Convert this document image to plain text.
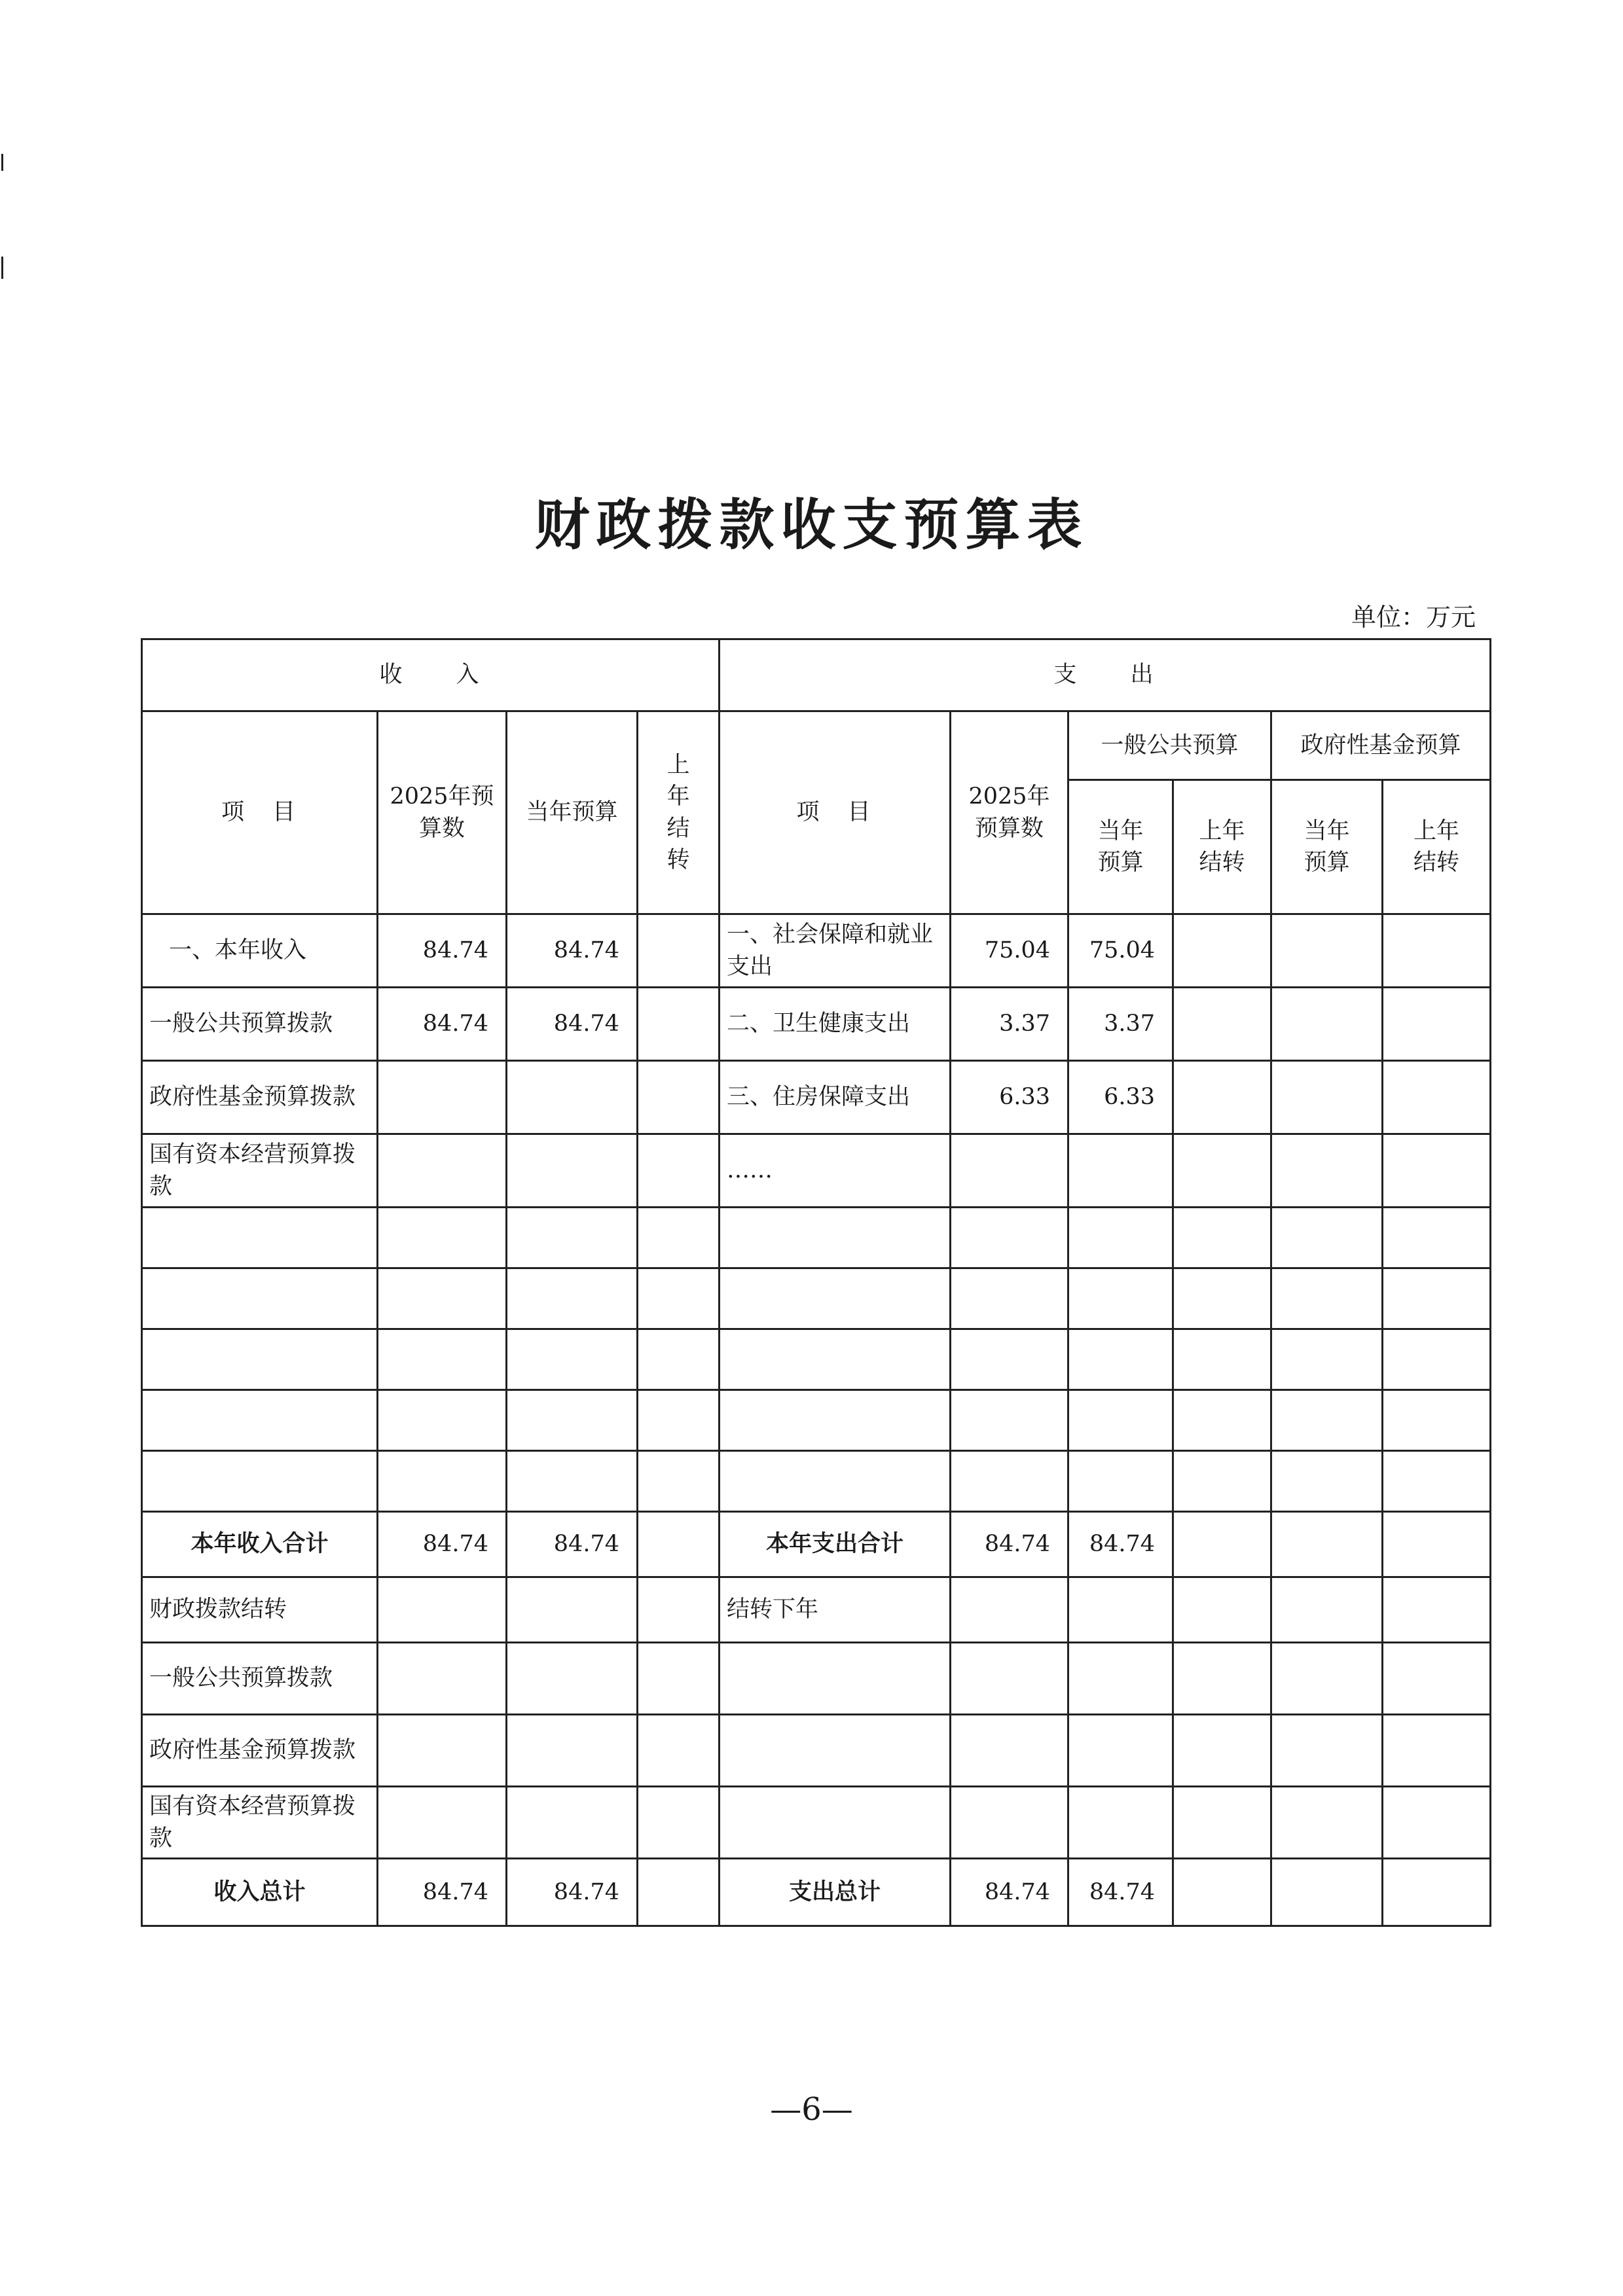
财政拨款收支预算表
单位：万元
收　　入				支　　出					
项　目	2025年预算数	当年预算	上年结转	项　目	2025年预算数	一般公共预算		政府性基金预算	
						当年预算	上年结转	当年预算	上年结转
一、本年收入	84.74	84.74		一、社会保障和就业支出	75.04	75.04			
一般公共预算拨款	84.74	84.74		二、卫生健康支出	3.37	3.37			
政府性基金预算拨款				三、住房保障支出	6.33	6.33			
国有资本经营预算拨款				……					

本年收入合计	84.74	84.74		本年支出合计	84.74	84.74			
财政拨款结转				结转下年					
一般公共预算拨款									
政府性基金预算拨款									
国有资本经营预算拨款									
收入总计	84.74	84.74		支出总计	84.74	84.74			
—6—
